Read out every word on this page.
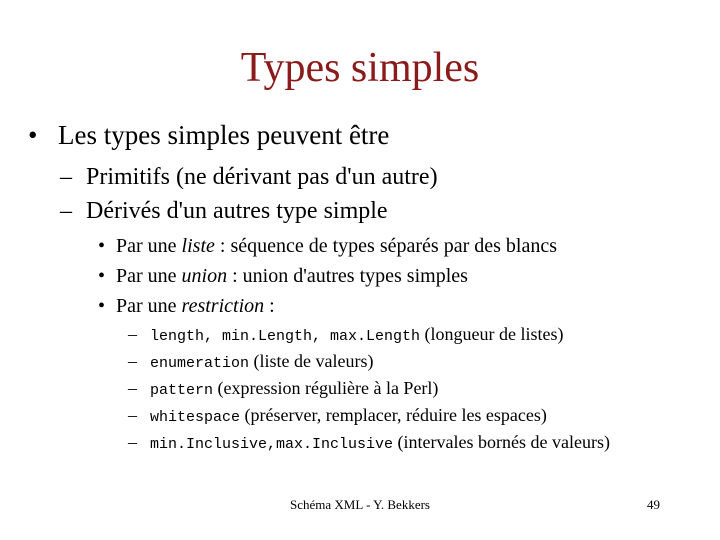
Types simples
• Les types simples peuvent être
– Primitifs (ne dérivant pas d'un autre)
– Dérivés d'un autres type simple
• Par une liste : séquence de types séparés par des blancs
• Par une union : union d'autres types simples
• Par une restriction :
– length, min.Length, max.Length (longueur de listes)
– enumeration (liste de valeurs)
– pattern (expression régulière à la Perl)
– whitespace (préserver, remplacer, réduire les espaces)
– min.Inclusive,max.Inclusive (intervales bornés de valeurs)
Schéma XML - Y. Bekkers	49
